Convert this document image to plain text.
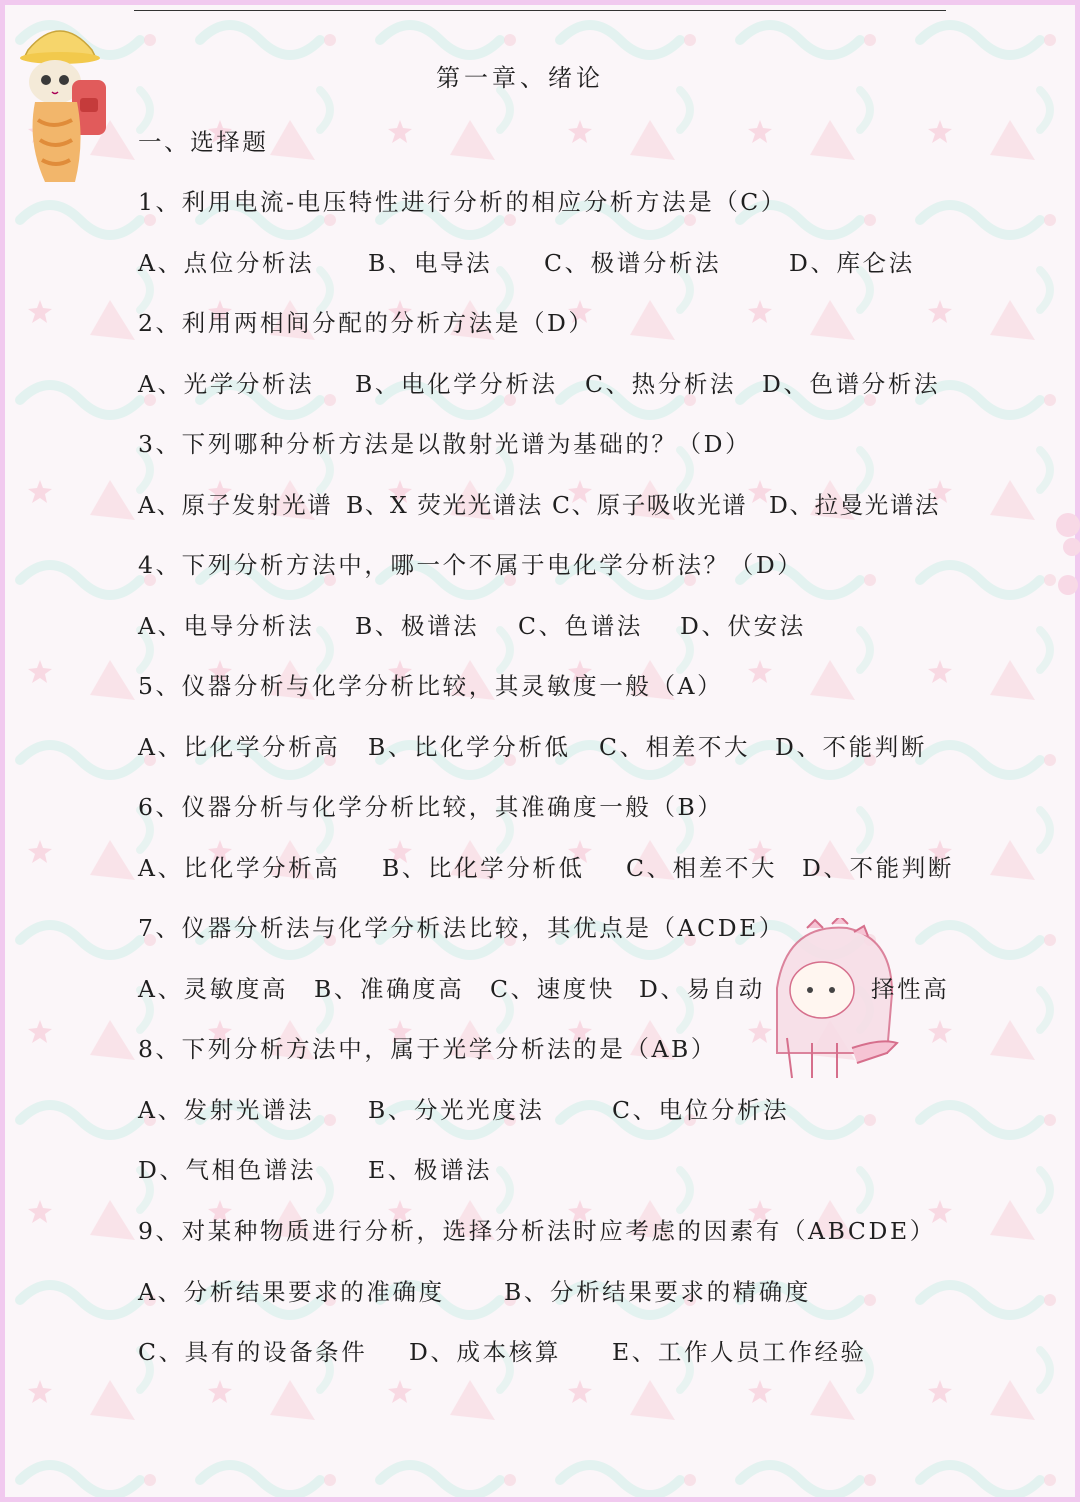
第一章、绪论
一、选择题
1、利用电流-电压特性进行分析的相应分析方法是（C）
A、点位分析法 B、电导法 C、极谱分析法	D、库仑法
2、利用两相间分配的分析方法是（D）
A、光学分析法 B、电化学分析法 C、热分析法 D、色谱分析法
3、下列哪种分析方法是以散射光谱为基础的？（D）
A、原子发射光谱 B、X 荧光光谱法 C、原子吸收光谱 D、拉曼光谱法
4、下列分析方法中，哪一个不属于电化学分析法？（D）
A、电导分析法 B、极谱法 C、色谱法 D、伏安法
5、仪器分析与化学分析比较，其灵敏度一般（A）
A、比化学分析高 B、比化学分析低 C、相差不大 D、不能判断
6、仪器分析与化学分析比较，其准确度一般（B）
A、比化学分析高 B、比化学分析低 C、相差不大 D、不能判断
7、仪器分析法与化学分析法比较，其优点是（ACDE）
A、灵敏度高 B、准确度高 C、速度快 D、易自动	择性高
8、下列分析方法中，属于光学分析法的是（AB）
A、发射光谱法 B、分光光度法	C、电位分析法
D、气相色谱法 E、极谱法
9、对某种物质进行分析，选择分析法时应考虑的因素有（ABCDE）
A、分析结果要求的准确度	B、分析结果要求的精确度
C、具有的设备条件 D、成本核算 E、工作人员工作经验
